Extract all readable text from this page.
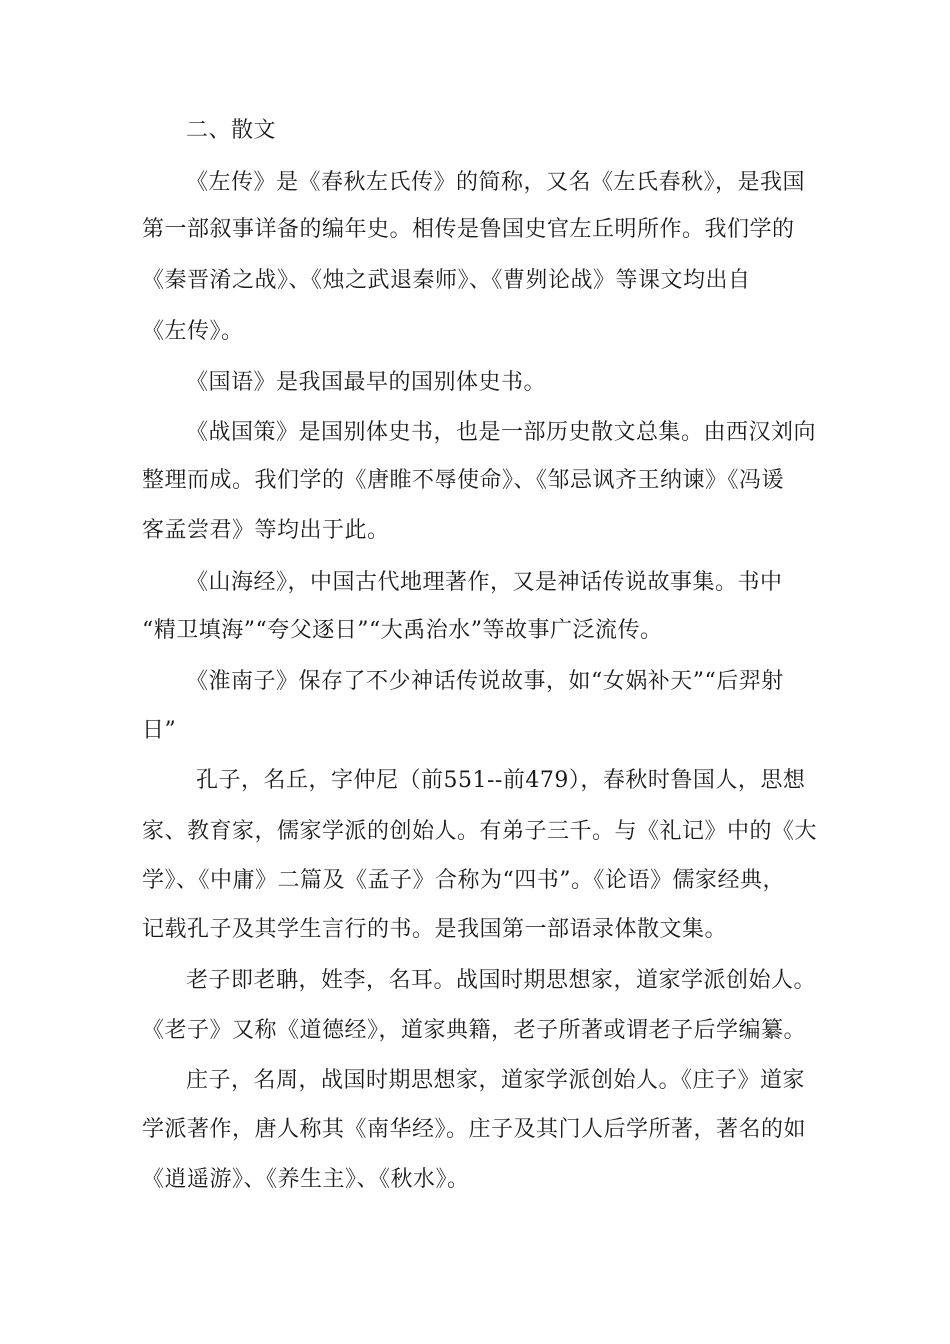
二、散文
《左传》是《春秋左氏传》的简称，又名《左氏春秋》，是我国
第一部叙事详备的编年史。相传是鲁国史官左丘明所作。我们学的
《秦晋淆之战》、《烛之武退秦师》、《曹刿论战》等课文均出自
《左传》。
《国语》是我国最早的国别体史书。
《战国策》是国别体史书，也是一部历史散文总集。由西汉刘向
整理而成。我们学的《唐睢不辱使命》、《邹忌讽齐王纳谏》《冯谖
客孟尝君》等均出于此。
《山海经》，中国古代地理著作，又是神话传说故事集。书中
“精卫填海”“夸父逐日”“大禹治水”等故事广泛流传。
《淮南子》保存了不少神话传说故事，如“女娲补天”“后羿射
日”
孔子，名丘，字仲尼（前551--前479），春秋时鲁国人，思想
家、教育家，儒家学派的创始人。有弟子三千。与《礼记》中的《大
学》、《中庸》二篇及《孟子》合称为“四书”。《论语》儒家经典，
记载孔子及其学生言行的书。是我国第一部语录体散文集。
老子即老聃，姓李，名耳。战国时期思想家，道家学派创始人。
《老子》又称《道德经》，道家典籍，老子所著或谓老子后学编纂。
庄子，名周，战国时期思想家，道家学派创始人。《庄子》道家
学派著作，唐人称其《南华经》。庄子及其门人后学所著，著名的如
《逍遥游》、《养生主》、《秋水》。
